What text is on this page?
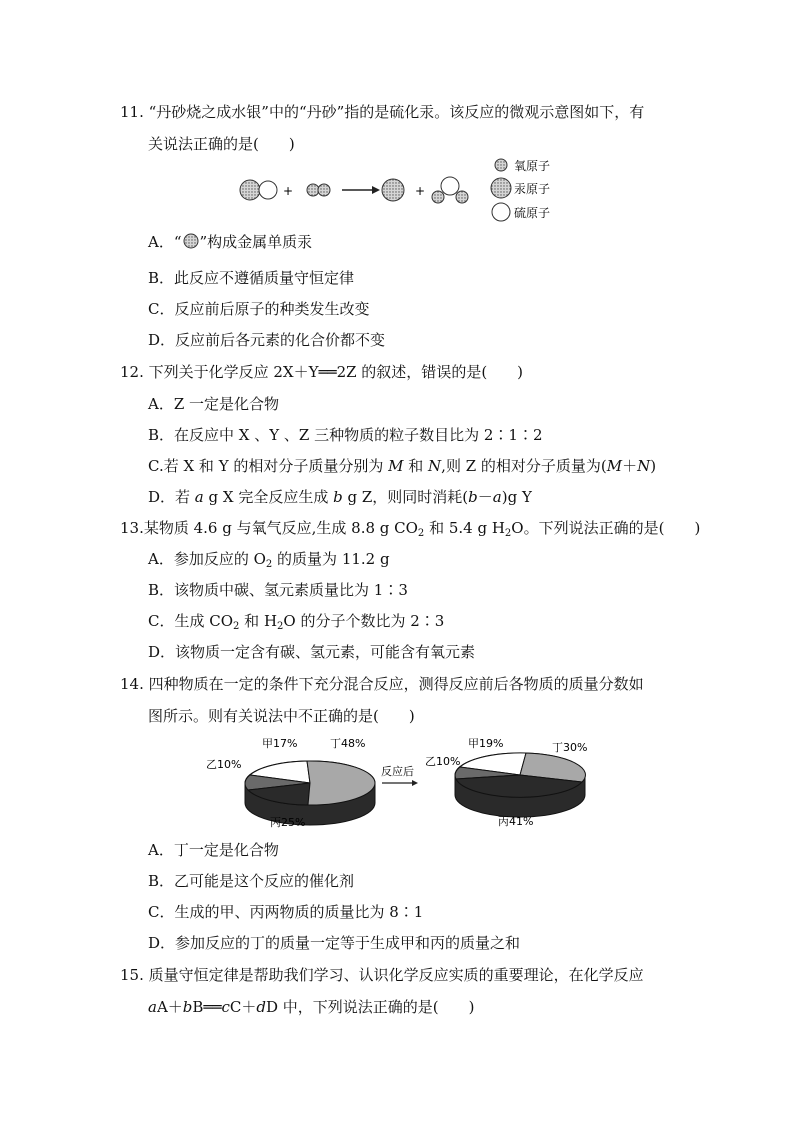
11. “丹砂烧之成水银”中的“丹砂”指的是硫化汞。该反应的微观示意图如下，有
关说法正确的是(　　)
+	+
氧原子
汞原子
硫原子
A．“ ”构成金属单质汞
B．此反应不遵循质量守恒定律
C．反应前后原子的种类发生改变
D．反应前后各元素的化合价都不变
12. 下列关于化学反应 2X＋Y══2Z 的叙述，错误的是(　　)
A．Z 一定是化合物
B．在反应中 X 、Y 、Z 三种物质的粒子数目比为 2∶1∶2
C.若 X 和 Y 的相对分子质量分别为 M 和 N,则 Z 的相对分子质量为(M＋N)
D．若 a g X 完全反应生成 b g Z，则同时消耗(b－a)g Y
13.某物质 4.6 g 与氧气反应,生成 8.8 g $CO_2$ 和 5.4 g $H_2O$。下列说法正确的是(　　)
A．参加反应的 $O_2$ 的质量为 11.2 g
B．该物质中碳、氢元素质量比为 1∶3
C．生成 $CO_2$ 和 $H_2O$ 的分子个数比为 2∶3
D．该物质一定含有碳、氢元素，可能含有氧元素
14. 四种物质在一定的条件下充分混合反应，测得反应前后各物质的质量分数如
图所示。则有关说法中不正确的是(　　)
甲17%	丁48%
乙10%
丙25%
反应后
甲19%	丁30%
乙10%
丙41%
A．丁一定是化合物
B．乙可能是这个反应的催化剂
C．生成的甲、丙两物质的质量比为 8∶1
D．参加反应的丁的质量一定等于生成甲和丙的质量之和
15. 质量守恒定律是帮助我们学习、认识化学反应实质的重要理论，在化学反应
aA＋bB══cC＋dD 中，下列说法正确的是(　　)
